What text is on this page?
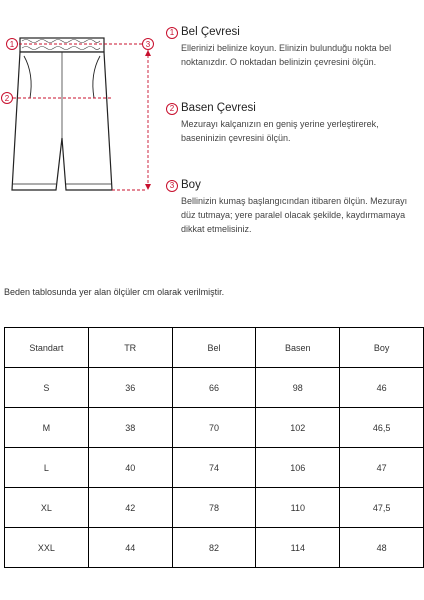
1
2
3
1 Bel Çevresi
Ellerinizi belinize koyun. Elinizin bulunduğu nokta bel noktanızdır. O noktadan belinizin çevresini ölçün.
2 Basen Çevresi
Mezurayı kalçanızın en geniş yerine yerleştirerek, baseninizin çevresini ölçün.
3 Boy
Bellinizin kumaş başlangıcından itibaren ölçün. Mezurayı düz tutmaya; yere paralel olacak şekilde, kaydırmamaya dikkat etmelisiniz.
Beden tablosunda yer alan ölçüler cm olarak verilmiştir.
Standart	TR	Bel	Basen	Boy
S	36	66	98	46
M	38	70	102	46,5
L	40	74	106	47
XL	42	78	110	47,5
XXL	44	82	114	48
